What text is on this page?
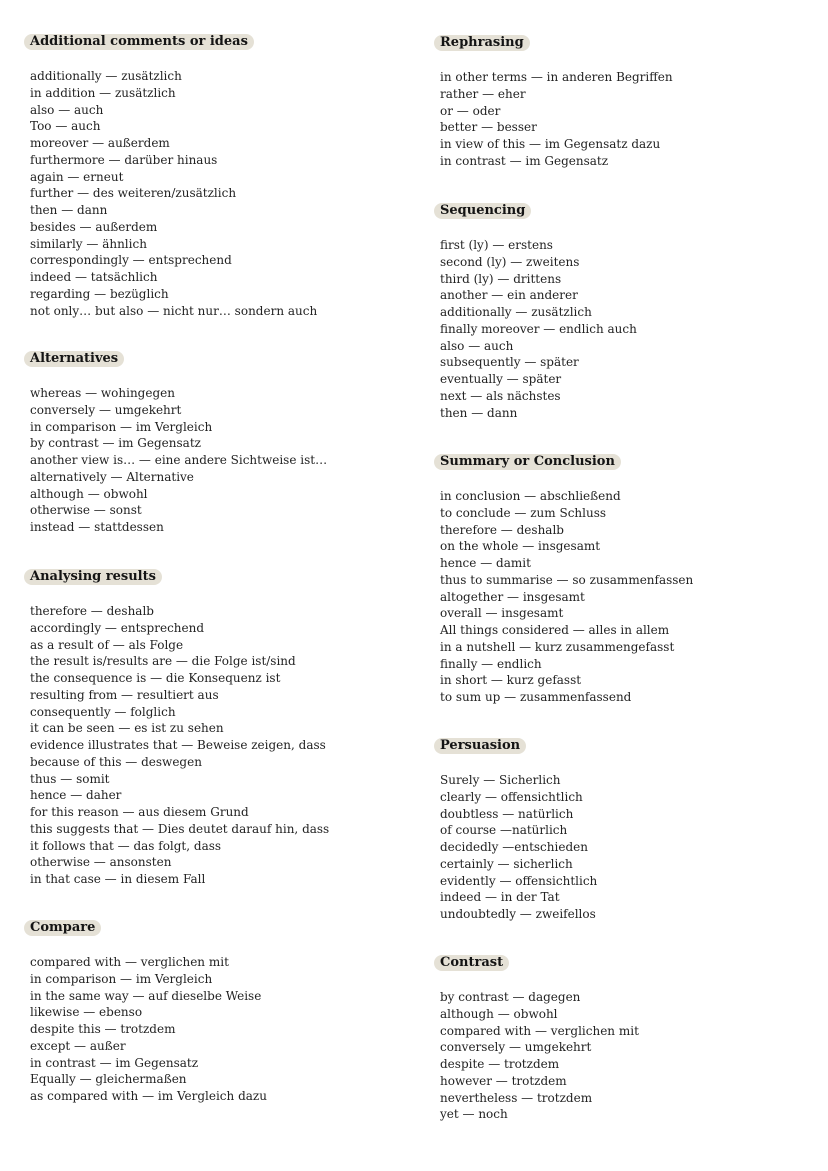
Additional comments or ideas
additionally — zusätzlich
in addition — zusätzlich
also — auch
Too — auch
moreover — außerdem
furthermore — darüber hinaus
again — erneut
further — des weiteren/zusätzlich
then — dann
besides — außerdem
similarly — ähnlich
correspondingly — entsprechend
indeed — tatsächlich
regarding — bezüglich
not only… but also — nicht nur… sondern auch
Alternatives
whereas — wohingegen
conversely — umgekehrt
in comparison — im Vergleich
by contrast — im Gegensatz
another view is… — eine andere Sichtweise ist…
alternatively — Alternative
although — obwohl
otherwise — sonst
instead — stattdessen
Analysing results
therefore — deshalb
accordingly — entsprechend
as a result of — als Folge
the result is/results are — die Folge ist/sind
the consequence is — die Konsequenz ist
resulting from — resultiert aus
consequently — folglich
it can be seen — es ist zu sehen
evidence illustrates that — Beweise zeigen, dass
because of this — deswegen
thus — somit
hence — daher
for this reason — aus diesem Grund
this suggests that — Dies deutet darauf hin, dass
it follows that — das folgt, dass
otherwise — ansonsten
in that case — in diesem Fall
Compare
compared with — verglichen mit
in comparison — im Vergleich
in the same way — auf dieselbe Weise
likewise — ebenso
despite this — trotzdem
except — außer
in contrast — im Gegensatz
Equally — gleichermaßen
as compared with — im Vergleich dazu
Rephrasing
in other terms — in anderen Begriffen
rather — eher
or — oder
better — besser
in view of this — im Gegensatz dazu
in contrast — im Gegensatz
Sequencing
first (ly) — erstens
second (ly) — zweitens
third (ly) — drittens
another — ein anderer
additionally — zusätzlich
finally moreover — endlich auch
also — auch
subsequently — später
eventually — später
next — als nächstes
then — dann
Summary or Conclusion
in conclusion — abschließend
to conclude — zum Schluss
therefore — deshalb
on the whole — insgesamt
hence — damit
thus to summarise — so zusammenfassen
altogether — insgesamt
overall — insgesamt
All things considered — alles in allem
in a nutshell — kurz zusammengefasst
finally — endlich
in short — kurz gefasst
to sum up — zusammenfassend
Persuasion
Surely — Sicherlich
clearly — offensichtlich
doubtless — natürlich
of course —natürlich
decidedly —entschieden
certainly — sicherlich
evidently — offensichtlich
indeed — in der Tat
undoubtedly — zweifellos
Contrast
by contrast — dagegen
although — obwohl
compared with — verglichen mit
conversely — umgekehrt
despite — trotzdem
however — trotzdem
nevertheless — trotzdem
yet — noch
